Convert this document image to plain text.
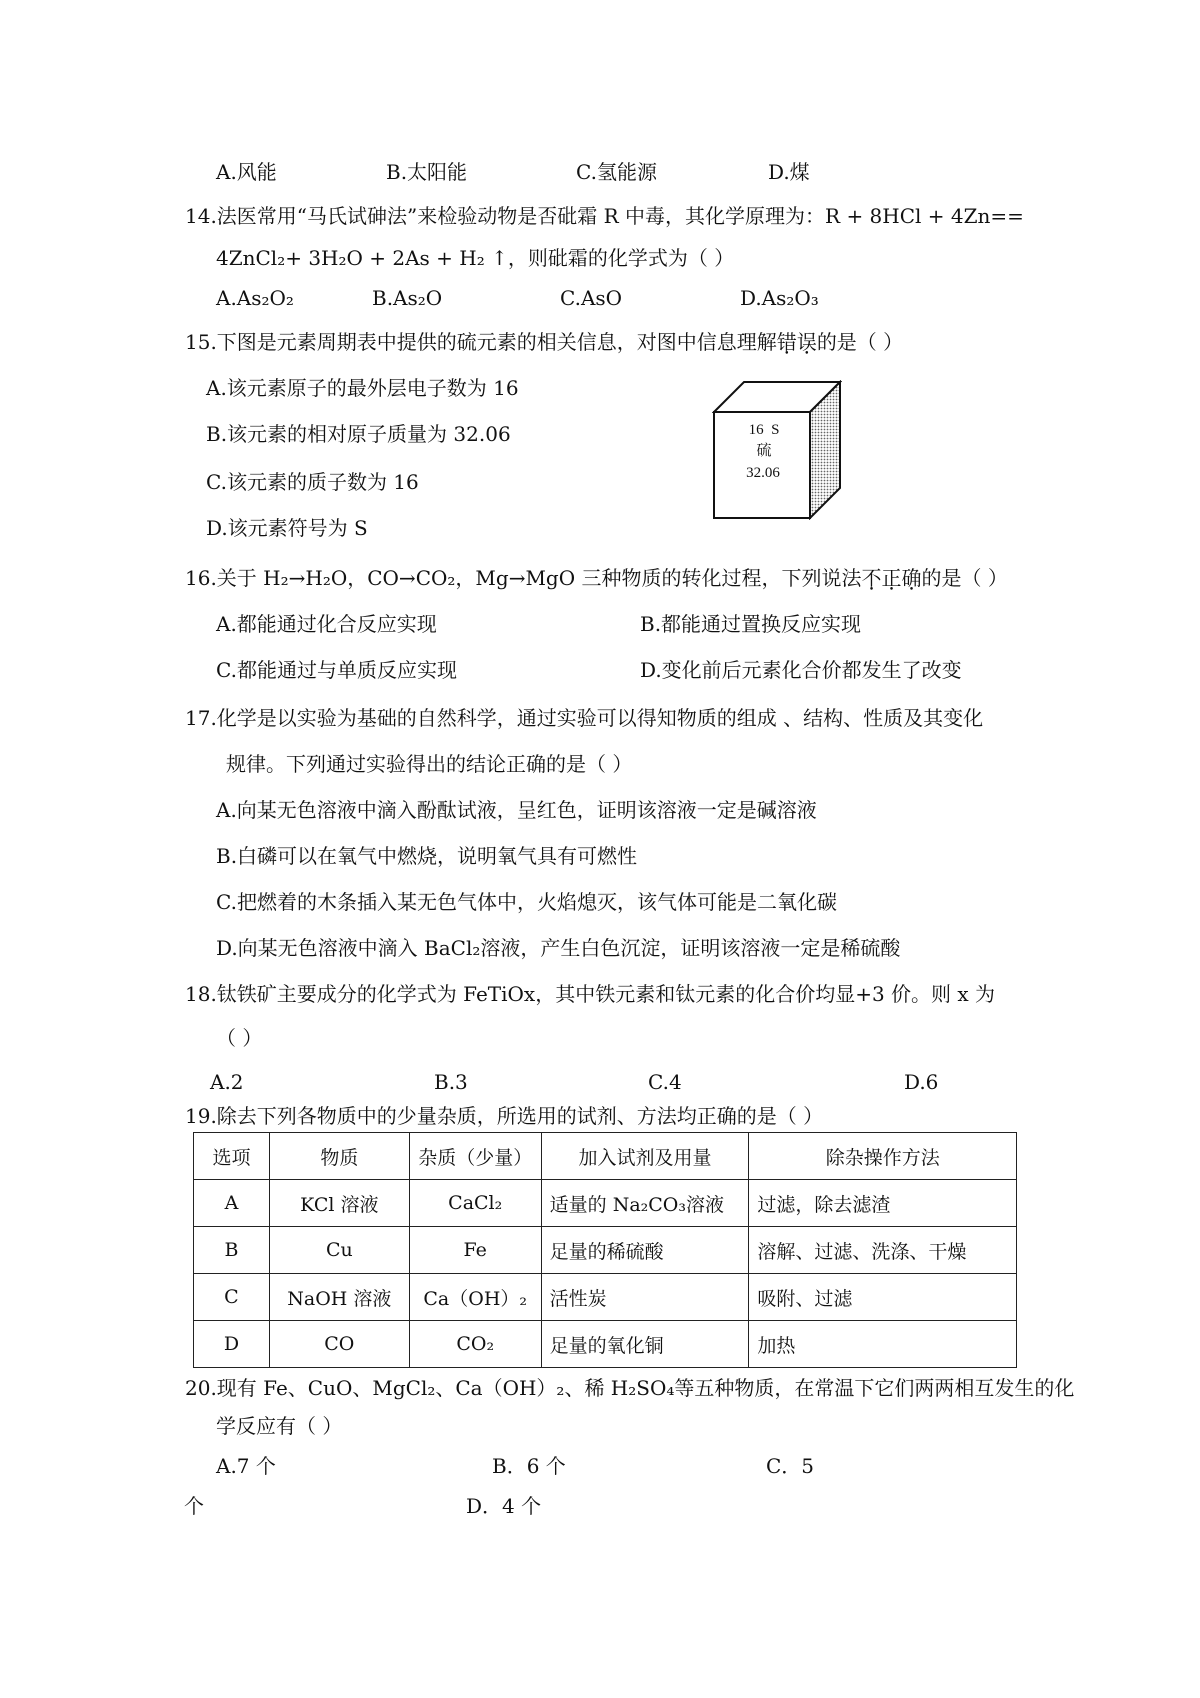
A.风能	B.太阳能	C.氢能源	D.煤
14.法医常用“马氏试砷法”来检验动物是否砒霜 R 中毒，其化学原理为：R + 8HCl + 4Zn==
4ZnCl₂+ 3H₂O + 2As + H₂ ↑，则砒霜的化学式为（ ）
A.As₂O₂	B.As₂O	C.AsO	D.As₂O₃
15.下图是元素周期表中提供的硫元素的相关信息，对图中信息理解错误的是（ ）
A.该元素原子的最外层电子数为 16
B.该元素的相对原子质量为 32.06
C.该元素的质子数为 16
D.该元素符号为 S
16 S
硫
32.06
16.关于 H₂→H₂O，CO→CO₂，Mg→MgO 三种物质的转化过程，下列说法不正确的是（ ）
A.都能通过化合反应实现	B.都能通过置换反应实现
C.都能通过与单质反应实现	D.变化前后元素化合价都发生了改变
17.化学是以实验为基础的自然科学，通过实验可以得知物质的组成 、结构、性质及其变化
规律。下列通过实验得出的结论正确的是（ ）
A.向某无色溶液中滴入酚酞试液，呈红色，证明该溶液一定是碱溶液
B.白磷可以在氧气中燃烧，说明氧气具有可燃性
C.把燃着的木条插入某无色气体中，火焰熄灭，该气体可能是二氧化碳
D.向某无色溶液中滴入 BaCl₂溶液，产生白色沉淀，证明该溶液一定是稀硫酸
18.钛铁矿主要成分的化学式为 FeTiOx，其中铁元素和钛元素的化合价均显+3 价。则 x 为
（ ）
A.2	B.3	C.4	D.6
19.除去下列各物质中的少量杂质，所选用的试剂、方法均正确的是（ ）
选项	物质	杂质（少量）	加入试剂及用量	除杂操作方法
A	KCl 溶液	CaCl₂	适量的 Na₂CO₃溶液	过滤，除去滤渣
B	Cu	Fe	足量的稀硫酸	溶解、过滤、洗涤、干燥
C	NaOH 溶液	Ca（OH）₂	活性炭	吸附、过滤
D	CO	CO₂	足量的氧化铜	加热
20.现有 Fe、CuO、MgCl₂、Ca（OH）₂、稀 H₂SO₄等五种物质，在常温下它们两两相互发生的化
学反应有（ ）
A.7 个	B．6 个	C．5
个	D．4 个
